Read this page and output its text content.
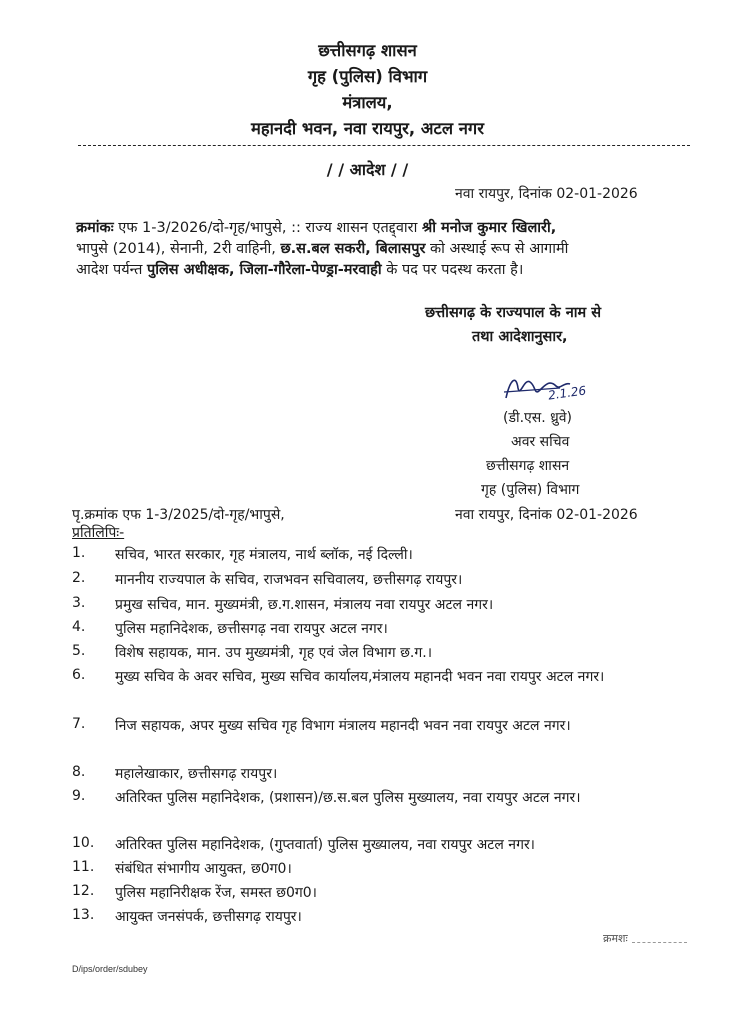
छत्तीसगढ़ शासन
गृह (पुलिस) विभाग
मंत्रालय,
महानदी भवन, नवा रायपुर, अटल नगर
/ / आदेश / /
नवा रायपुर, दिनांक 02-01-2026
क्रमांकः एफ 1-3/2026/दो-गृह/भापुसे, :: राज्य शासन एतद्द्वारा श्री मनोज कुमार खिलारी,
भापुसे (2014), सेनानी, 2री वाहिनी, छ.स.बल सकरी, बिलासपुर को अस्थाई रूप से आगामी
आदेश पर्यन्त पुलिस अधीक्षक, जिला-गौरेला-पेण्ड्रा-मरवाही के पद पर पदस्थ करता है।
छत्तीसगढ़ के राज्यपाल के नाम से
तथा आदेशानुसार,
2.1.26
(डी.एस. ध्रुवे)
अवर सचिव
छत्तीसगढ़ शासन
गृह (पुलिस) विभाग
पृ.क्रमांक एफ 1-3/2025/दो-गृह/भापुसे,	नवा रायपुर, दिनांक 02-01-2026
प्रतिलिपिः-
1.	सचिव, भारत सरकार, गृह मंत्रालय, नार्थ ब्लॉक, नई दिल्ली।
2.	माननीय राज्यपाल के सचिव, राजभवन सचिवालय, छत्तीसगढ़ रायपुर।
3.	प्रमुख सचिव, मान. मुख्यमंत्री, छ.ग.शासन, मंत्रालय नवा रायपुर अटल नगर।
4.	पुलिस महानिदेशक, छत्तीसगढ़ नवा रायपुर अटल नगर।
5.	विशेष सहायक, मान. उप मुख्यमंत्री, गृह एवं जेल विभाग छ.ग.।
6.	मुख्य सचिव के अवर सचिव, मुख्य सचिव कार्यालय,मंत्रालय महानदी भवन नवा रायपुर अटल नगर।
7.	निज सहायक, अपर मुख्य सचिव गृह विभाग मंत्रालय महानदी भवन नवा रायपुर अटल नगर।
8.	महालेखाकार, छत्तीसगढ़ रायपुर।
9.	अतिरिक्त पुलिस महानिदेशक, (प्रशासन)/छ.स.बल पुलिस मुख्यालय, नवा रायपुर अटल नगर।
10.	अतिरिक्त पुलिस महानिदेशक, (गुप्तवार्ता) पुलिस मुख्यालय, नवा रायपुर अटल नगर।
11.	संबंधित संभागीय आयुक्त, छ0ग0।
12.	पुलिस महानिरीक्षक रेंज, समस्त छ0ग0।
13.	आयुक्त जनसंपर्क, छत्तीसगढ़ रायपुर।
क्रमशः
D/ips/order/sdubey
